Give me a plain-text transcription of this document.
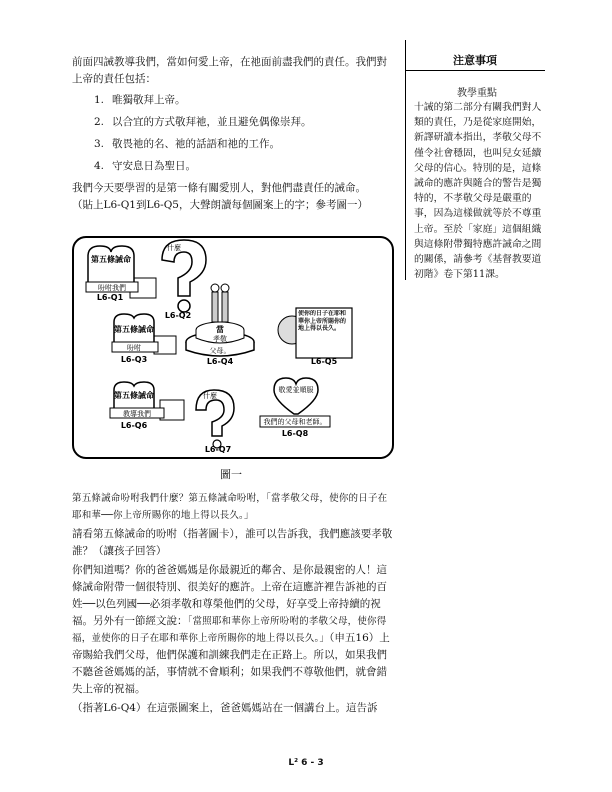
前面四誡教導我們，當如何愛上帝，在祂面前盡我們的責任。我們對上帝的責任包括：

1. 唯獨敬拜上帝。
2. 以合宜的方式敬拜祂，並且避免偶像崇拜。
3. 敬畏祂的名、祂的話語和祂的工作。
4. 守安息日為聖日。

我們今天要學習的是第一條有關愛別人，對他們盡責任的誡命。

（貼上L6-Q1到L6-Q5，大聲朗讀每個圖案上的字；參考圖一）

第五條誡命
吩咐我們
L6-Q1
什麼
L6-Q2
第五條誡命
吩咐
L6-Q3
當
孝敬
父母。
L6-Q4
使你的日子在耶和華你上帝所賜你的地上得以長久。
L6-Q5
第五條誡命
教導我們
L6-Q6
什麼
L6-Q7
敬愛並順服
我們的父母和老師。
L6-Q8
圖一

第五條誡命吩咐我們什麼？第五條誡命吩咐，「當孝敬父母，使你的日子在耶和華──你上帝所賜你的地上得以長久。」

請看第五條誡命的吩咐（指著圖卡），誰可以告訴我，我們應該要孝敬誰？（讓孩子回答）

你們知道嗎？你的爸爸媽媽是你最親近的鄰舍、是你最親密的人！這條誡命附帶一個很特別、很美好的應許。上帝在這應許裡告訴祂的百姓──以色列國──必須孝敬和尊榮他們的父母，好享受上帝持續的祝福。另外有一節經文說：「當照耶和華你上帝所吩咐的孝敬父母，使你得福，並使你的日子在耶和華你上帝所賜你的地上得以長久。」（申五16）上帝賜給我們父母，他們保護和訓練我們走在正路上。所以，如果我們不聽爸爸媽媽的話，事情就不會順利；如果我們不尊敬他們，就會錯失上帝的祝福。

（指著L6-Q4）在這張圖案上，爸爸媽媽站在一個講台上。這告訴

注意事項
教學重點
十誡的第二部分有關我們對人類的責任，乃是從家庭開始，新譯研讀本指出，孝敬父母不僅令社會穩固，也叫兒女延續父母的信心。特別的是，這條誡命的應許與隨合的警告是獨特的，不孝敬父母是嚴重的事，因為這樣做就等於不尊重上帝。至於「家庭」這個組織與這條附帶獨特應許誡命之間的關係，請參考《基督教要道初階》卷下第11課。
L² 6 - 3
